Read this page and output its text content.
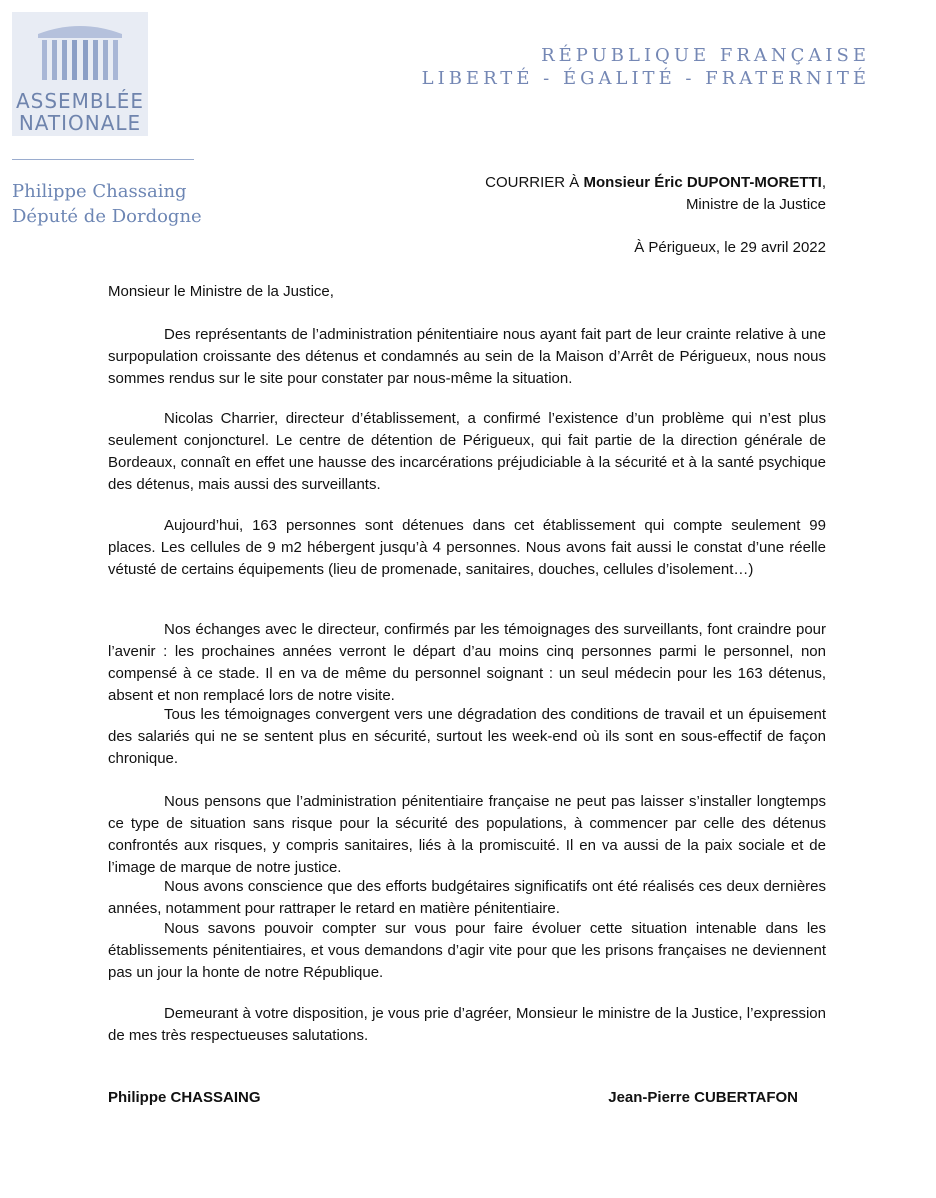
ASSEMBLÉE
NATIONALE
Philippe Chassaing
Député de Dordogne
RÉPUBLIQUE FRANÇAISE
LIBERTÉ - ÉGALITÉ - FRATERNITÉ
COURRIER À Monsieur Éric DUPONT-MORETTI,
Ministre de la Justice
À Périgueux, le 29 avril 2022
Monsieur le Ministre de la Justice,

Des représentants de l’administration pénitentiaire nous ayant fait part de leur crainte relative à une surpopulation croissante des détenus et condamnés au sein de la Maison d’Arrêt de Périgueux, nous nous sommes rendus sur le site pour constater par nous-même la situation.

Nicolas Charrier, directeur d’établissement, a confirmé l’existence d’un problème qui n’est plus seulement conjoncturel. Le centre de détention de Périgueux, qui fait partie de la direction générale de Bordeaux, connaît en effet une hausse des incarcérations préjudiciable à la sécurité et à la santé psychique des détenus, mais aussi des surveillants.

Aujourd’hui, 163 personnes sont détenues dans cet établissement qui compte seulement 99 places. Les cellules de 9 m2 hébergent jusqu’à 4 personnes. Nous avons fait aussi le constat d’une réelle vétusté de certains équipements (lieu de promenade, sanitaires, douches, cellules d’isolement…)

Nos échanges avec le directeur, confirmés par les témoignages des surveillants, font craindre pour l’avenir : les prochaines années verront le départ d’au moins cinq personnes parmi le personnel, non compensé à ce stade. Il en va de même du personnel soignant : un seul médecin pour les 163 détenus, absent et non remplacé lors de notre visite.

Tous les témoignages convergent vers une dégradation des conditions de travail et un épuisement des salariés qui ne se sentent plus en sécurité, surtout les week-end où ils sont en sous-effectif de façon chronique.

Nous pensons que l’administration pénitentiaire française ne peut pas laisser s’installer longtemps ce type de situation sans risque pour la sécurité des populations, à commencer par celle des détenus confrontés aux risques, y compris sanitaires, liés à la promiscuité. Il en va aussi de la paix sociale et de l’image de marque de notre justice.

Nous avons conscience que des efforts budgétaires significatifs ont été réalisés ces deux dernières années, notamment pour rattraper le retard en matière pénitentiaire.

Nous savons pouvoir compter sur vous pour faire évoluer cette situation intenable dans les établissements pénitentiaires, et vous demandons d’agir vite pour que les prisons françaises ne deviennent pas un jour la honte de notre République.

Demeurant à votre disposition, je vous prie d’agréer, Monsieur le ministre de la Justice, l’expression de mes très respectueuses salutations.

Philippe CHASSAING	Jean-Pierre CUBERTAFON
